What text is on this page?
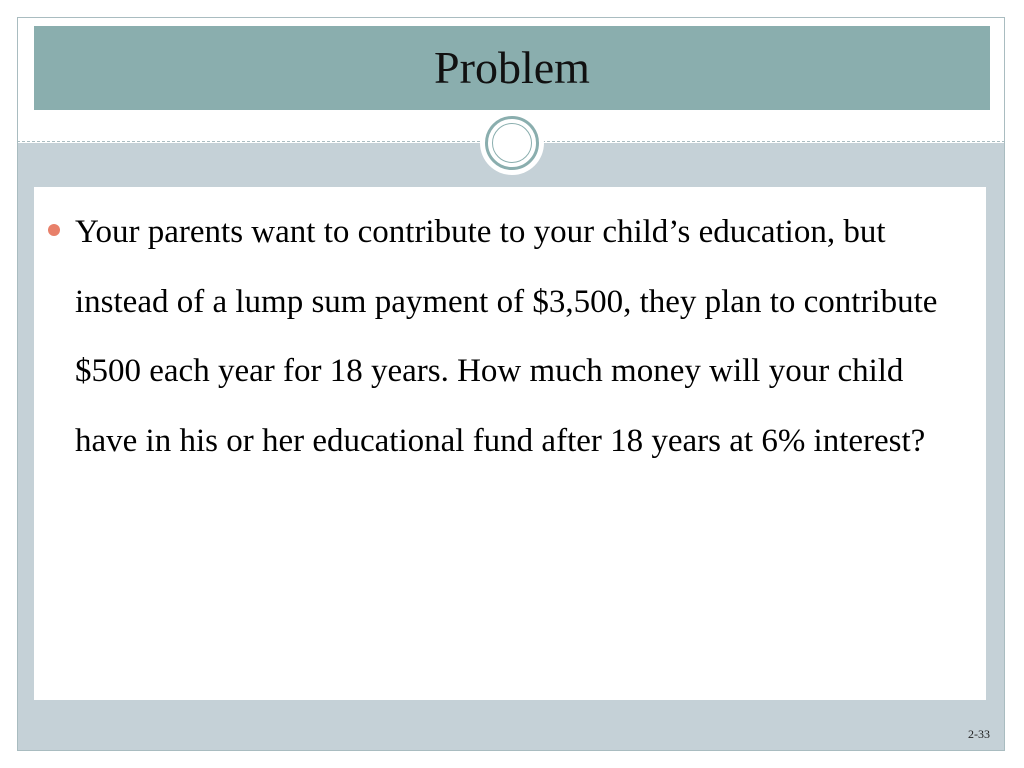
Problem

Your parents want to contribute to your child’s education, but instead of a lump sum payment of $3,500, they plan to contribute $500 each year for 18 years. How much money will your child have in his or her educational fund after 18 years at 6% interest?

2-33
